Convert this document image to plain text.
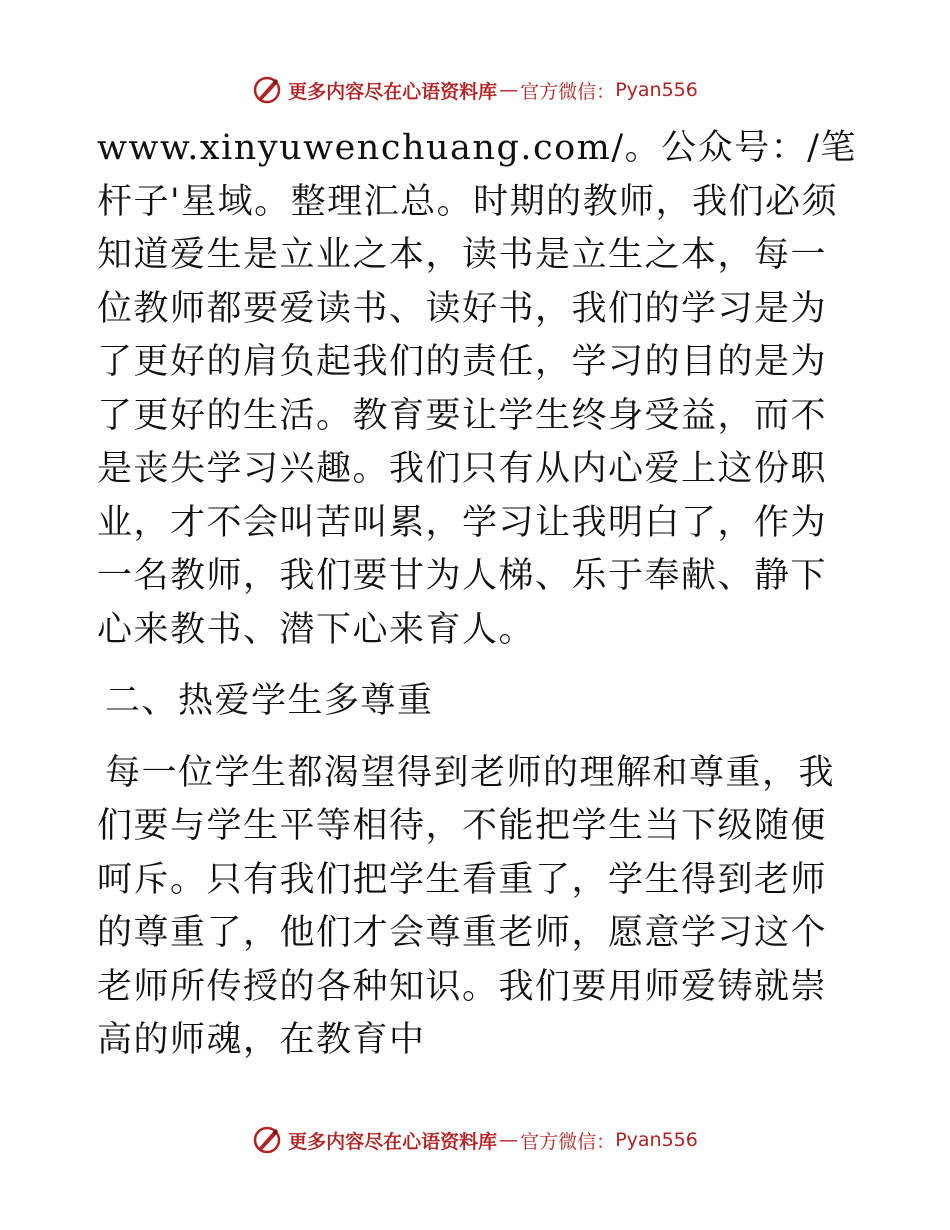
更多内容尽在心语资料库 — 官方微信： Pyan556

www.xinyuwenchuang.com/。公众号：/笔杆子'星域。整理汇总。时期的教师，我们必须知道爱生是立业之本，读书是立生之本，每一位教师都要爱读书、读好书，我们的学习是为了更好的肩负起我们的责任，学习的目的是为了更好的生活。教育要让学生终身受益，而不是丧失学习兴趣。我们只有从内心爱上这份职业，才不会叫苦叫累，学习让我明白了，作为一名教师，我们要甘为人梯、乐于奉献、静下心来教书、潜下心来育人。

二、热爱学生多尊重

每一位学生都渴望得到老师的理解和尊重，我们要与学生平等相待，不能把学生当下级随便呵斥。只有我们把学生看重了，学生得到老师的尊重了，他们才会尊重老师，愿意学习这个老师所传授的各种知识。我们要用师爱铸就崇高的师魂，在教育中

更多内容尽在心语资料库 — 官方微信： Pyan556
